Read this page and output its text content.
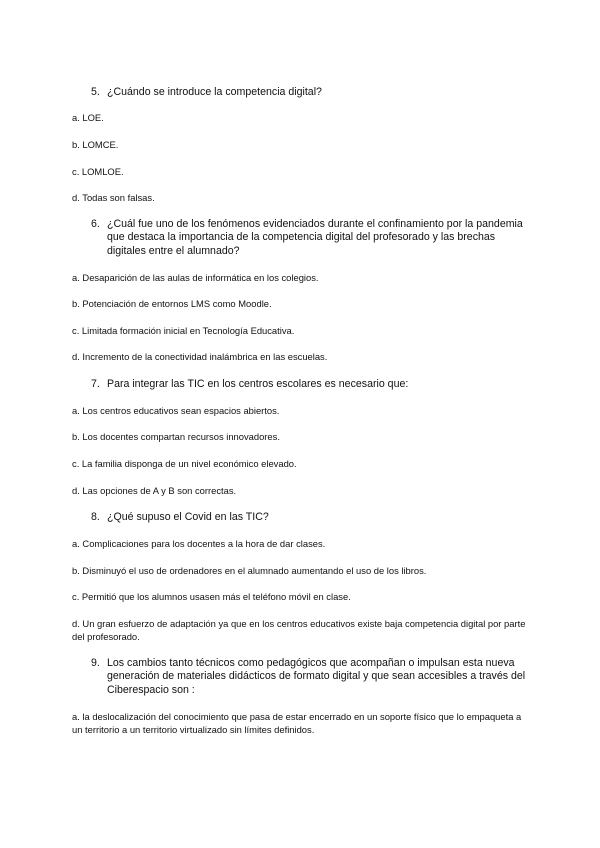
5. ¿Cuándo se introduce la competencia digital?
a. LOE.
b. LOMCE.
c. LOMLOE.
d. Todas son falsas.
6. ¿Cuál fue uno de los fenómenos evidenciados durante el confinamiento por la pandemia que destaca la importancia de la competencia digital del profesorado y las brechas digitales entre el alumnado?
a. Desaparición de las aulas de informática en los colegios.
b. Potenciación de entornos LMS como Moodle.
c. Limitada formación inicial en Tecnología Educativa.
d. Incremento de la conectividad inalámbrica en las escuelas.
7. Para integrar las TIC en los centros escolares es necesario que:
a. Los centros educativos sean espacios abiertos.
b. Los docentes compartan recursos innovadores.
c. La familia disponga de un nivel económico elevado.
d. Las opciones de A y B son correctas.
8. ¿Qué supuso el Covid en las TIC?
a. Complicaciones para los docentes a la hora de dar clases.
b. Disminuyó el uso de ordenadores en el alumnado aumentando el uso de los libros.
c. Permitió que los alumnos usasen más el teléfono móvil en clase.
d. Un gran esfuerzo de adaptación ya que en los centros educativos existe baja competencia digital por parte del profesorado.
9. Los cambios tanto técnicos como pedagógicos que acompañan o impulsan esta nueva generación de materiales didácticos de formato digital y que sean accesibles a través del Ciberespacio son :
a. la deslocalización del conocimiento que pasa de estar encerrado en un soporte físico que lo empaqueta a un territorio a un territorio virtualizado sin límites definidos.
